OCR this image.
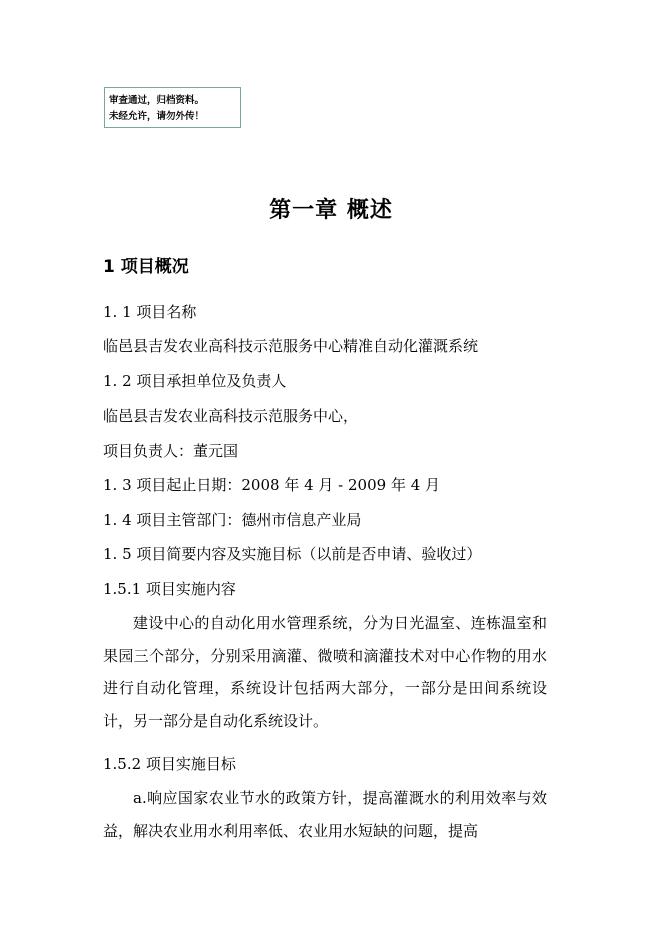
审查通过，归档资料。
未经允许，请勿外传！
第一章 概述
1 项目概况
1. 1 项目名称
临邑县吉发农业高科技示范服务中心精准自动化灌溉系统
1. 2 项目承担单位及负责人
临邑县吉发农业高科技示范服务中心，
项目负责人：董元国
1. 3 项目起止日期：2008 年 4 月 - 2009 年 4 月
1. 4 项目主管部门：德州市信息产业局
1. 5 项目简要内容及实施目标（以前是否申请、验收过）
1.5.1 项目实施内容
建设中心的自动化用水管理系统，分为日光温室、连栋温室和果园三个部分，分别采用滴灌、微喷和滴灌技术对中心作物的用水进行自动化管理，系统设计包括两大部分，一部分是田间系统设计，另一部分是自动化系统设计。
1.5.2 项目实施目标
a.响应国家农业节水的政策方针，提高灌溉水的利用效率与效益，解决农业用水利用率低、农业用水短缺的问题，提高
